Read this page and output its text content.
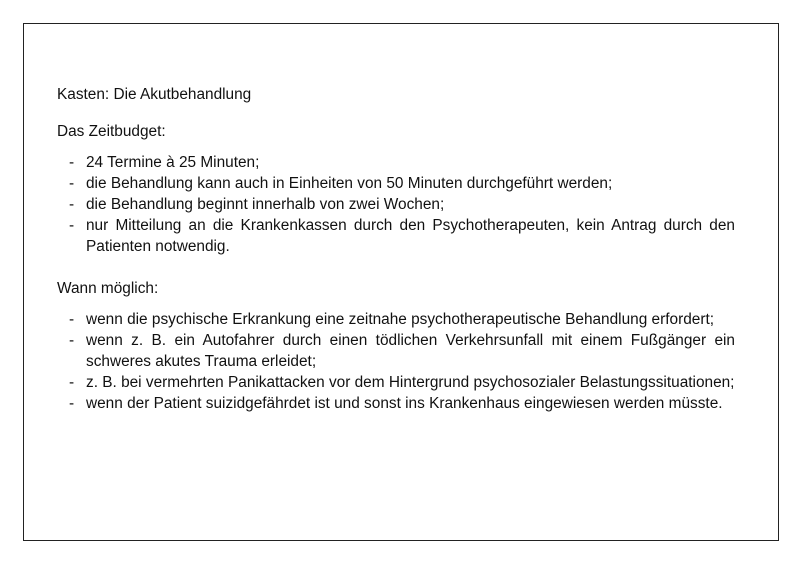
Kasten: Die Akutbehandlung

Das Zeitbudget:

- 24 Termine à 25 Minuten;
- die Behandlung kann auch in Einheiten von 50 Minuten durchgeführt werden;
- die Behandlung beginnt innerhalb von zwei Wochen;
- nur Mitteilung an die Krankenkassen durch den Psychotherapeuten, kein Antrag durch den Patienten notwendig.

Wann möglich:

- wenn die psychische Erkrankung eine zeitnahe psychotherapeutische Behandlung erfordert;
- wenn z. B. ein Autofahrer durch einen tödlichen Verkehrsunfall mit einem Fußgänger ein schweres akutes Trauma erleidet;
- z. B. bei vermehrten Panikattacken vor dem Hintergrund psychosozialer Belastungssituationen;
- wenn der Patient suizidgefährdet ist und sonst ins Krankenhaus eingewiesen werden müsste.
